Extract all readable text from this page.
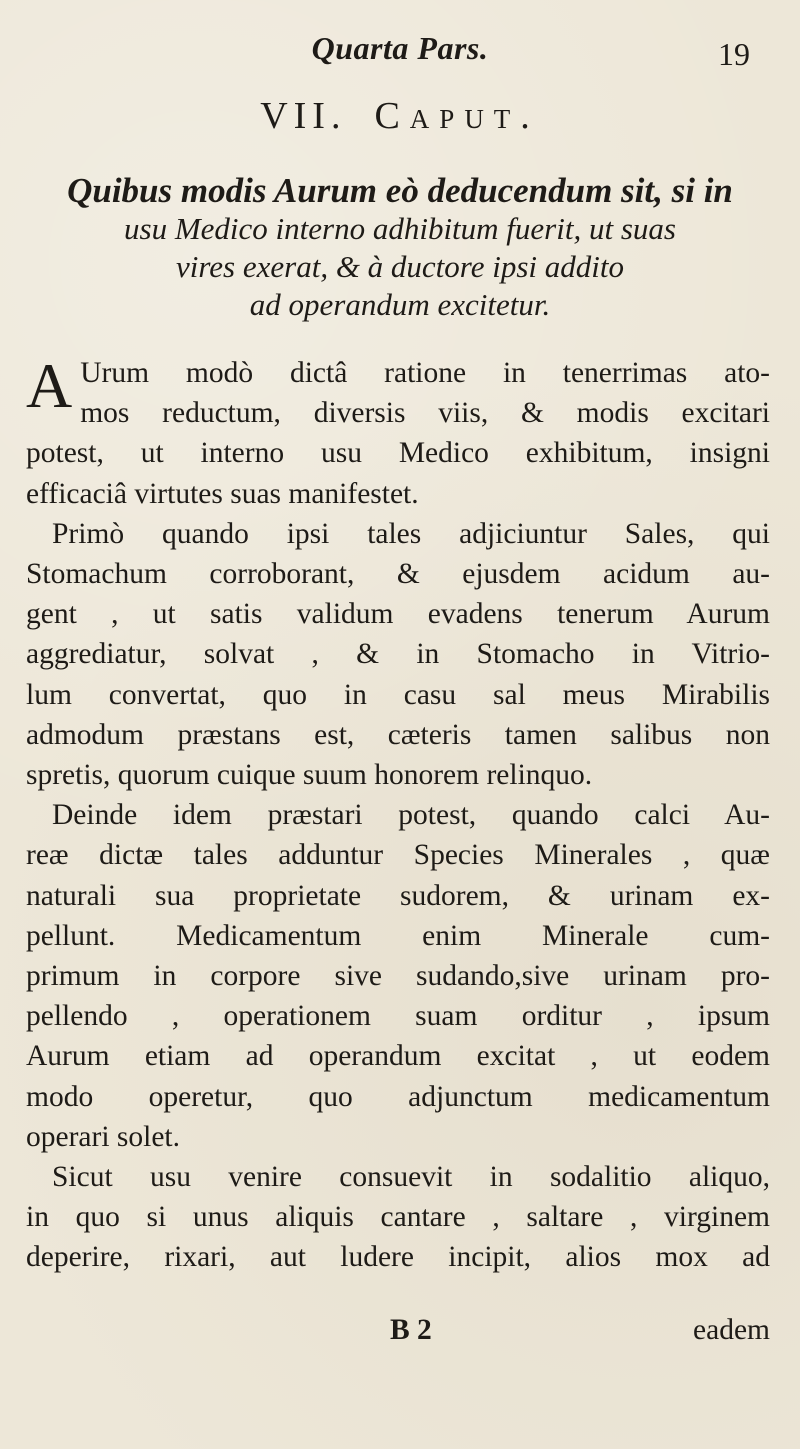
Quarta Pars.	19
VII. Caput.
Quibus modis Aurum eò deducendum sit, si in
usu Medico interno adhibitum fuerit, ut suas
vires exerat, & à ductore ipsi addito
ad operandum excitetur.
A Urum modò dictâ ratione in tenerrimas ato-
mos reductum, diversis viis, & modis excitari
potest, ut interno usu Medico exhibitum, insigni
efficaciâ virtutes suas manifestet.
Primò quando ipsi tales adjiciuntur Sales, qui
Stomachum corroborant, & ejusdem acidum au-
gent , ut satis validum evadens tenerum Aurum
aggrediatur, solvat , & in Stomacho in Vitrio-
lum convertat, quo in casu sal meus Mirabilis
admodum præstans est, cæteris tamen salibus non
spretis, quorum cuique suum honorem relinquo.
Deinde idem præstari potest, quando calci Au-
reæ dictæ tales adduntur Species Minerales , quæ
naturali sua proprietate sudorem, & urinam ex-
pellunt. Medicamentum enim Minerale cum-
primum in corpore sive sudando,sive urinam pro-
pellendo , operationem suam orditur , ipsum
Aurum etiam ad operandum excitat , ut eodem
modo operetur, quo adjunctum medicamentum
operari solet.
Sicut usu venire consuevit in sodalitio aliquo,
in quo si unus aliquis cantare , saltare , virginem
deperire, rixari, aut ludere incipit, alios mox ad
B 2	eadem
